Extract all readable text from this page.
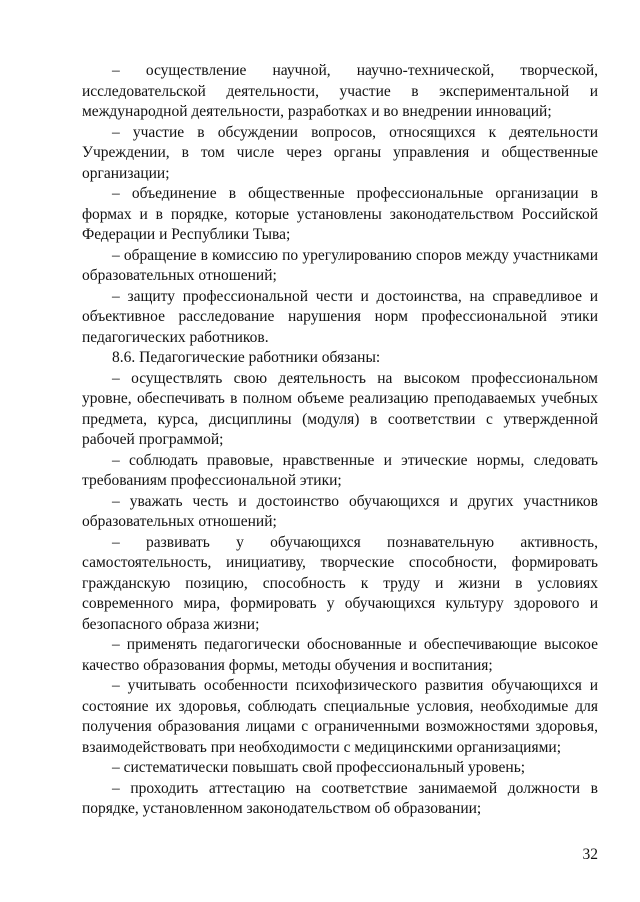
– осуществление научной, научно-технической, творческой, исследовательской деятельности, участие в экспериментальной и международной деятельности, разработках и во внедрении инноваций;

– участие в обсуждении вопросов, относящихся к деятельности Учреждении, в том числе через органы управления и общественные организации;

– объединение в общественные профессиональные организации в формах и в порядке, которые установлены законодательством Российской Федерации и Республики Тыва;

– обращение в комиссию по урегулированию споров между участниками образовательных отношений;

– защиту профессиональной чести и достоинства, на справедливое и объективное расследование нарушения норм профессиональной этики педагогических работников.

8.6. Педагогические работники обязаны:

– осуществлять свою деятельность на высоком профессиональном уровне, обеспечивать в полном объеме реализацию преподаваемых учебных предмета, курса, дисциплины (модуля) в соответствии с утвержденной рабочей программой;

– соблюдать правовые, нравственные и этические нормы, следовать требованиям профессиональной этики;

– уважать честь и достоинство обучающихся и других участников образовательных отношений;

– развивать у обучающихся познавательную активность, самостоятельность, инициативу, творческие способности, формировать гражданскую позицию, способность к труду и жизни в условиях современного мира, формировать у обучающихся культуру здорового и безопасного образа жизни;

– применять педагогически обоснованные и обеспечивающие высокое качество образования формы, методы обучения и воспитания;

– учитывать особенности психофизического развития обучающихся и состояние их здоровья, соблюдать специальные условия, необходимые для получения образования лицами с ограниченными возможностями здоровья, взаимодействовать при необходимости с медицинскими организациями;

– систематически повышать свой профессиональный уровень;

– проходить аттестацию на соответствие занимаемой должности в порядке, установленном законодательством об образовании;

32
